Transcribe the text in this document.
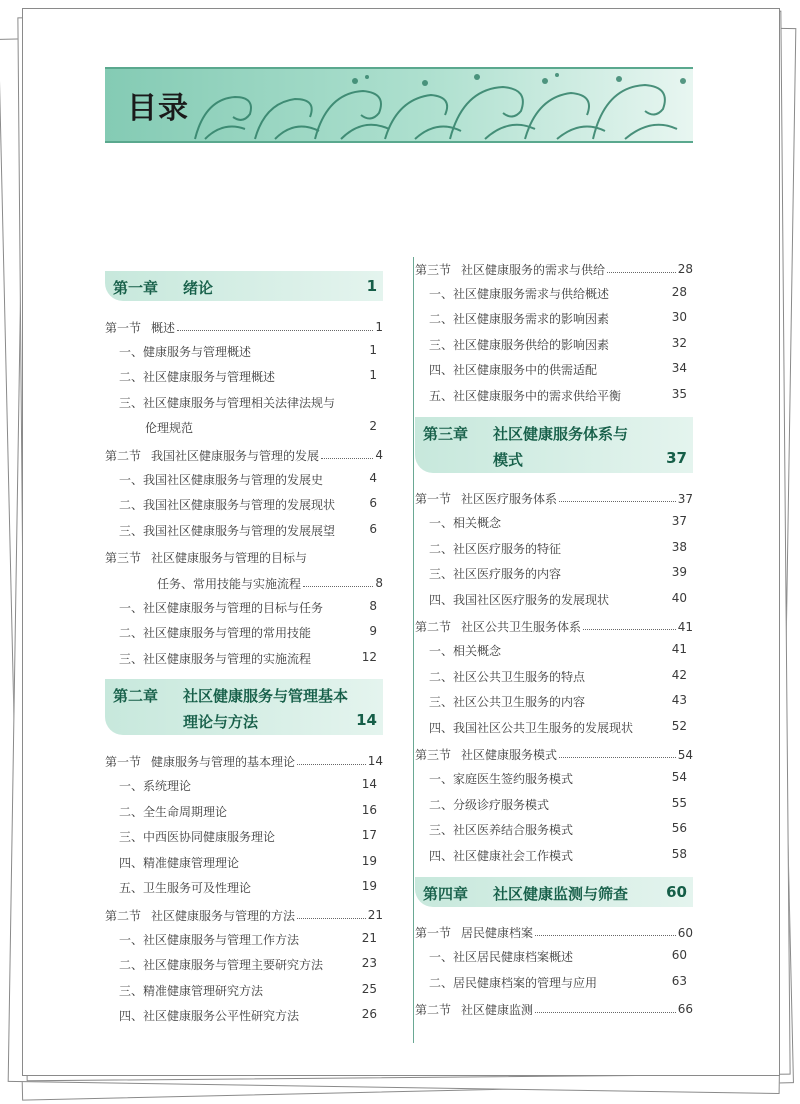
目录
第一章 绪论	1
第一节 概述	1
一、健康服务与管理概述	1
二、社区健康服务与管理概述	1
三、社区健康服务与管理相关法律法规与
伦理规范	2
第二节 我国社区健康服务与管理的发展	4
一、我国社区健康服务与管理的发展史	4
二、我国社区健康服务与管理的发展现状	6
三、我国社区健康服务与管理的发展展望	6
第三节 社区健康服务与管理的目标与
任务、常用技能与实施流程	8
一、社区健康服务与管理的目标与任务	8
二、社区健康服务与管理的常用技能	9
三、社区健康服务与管理的实施流程	12
第二章 社区健康服务与管理基本
理论与方法	14
第一节 健康服务与管理的基本理论	14
一、系统理论	14
二、全生命周期理论	16
三、中西医协同健康服务理论	17
四、精准健康管理理论	19
五、卫生服务可及性理论	19
第二节 社区健康服务与管理的方法	21
一、社区健康服务与管理工作方法	21
二、社区健康服务与管理主要研究方法	23
三、精准健康管理研究方法	25
四、社区健康服务公平性研究方法	26
第三节 社区健康服务的需求与供给	28
一、社区健康服务需求与供给概述	28
二、社区健康服务需求的影响因素	30
三、社区健康服务供给的影响因素	32
四、社区健康服务中的供需适配	34
五、社区健康服务中的需求供给平衡	35
第三章 社区健康服务体系与
模式	37
第一节 社区医疗服务体系	37
一、相关概念	37
二、社区医疗服务的特征	38
三、社区医疗服务的内容	39
四、我国社区医疗服务的发展现状	40
第二节 社区公共卫生服务体系	41
一、相关概念	41
二、社区公共卫生服务的特点	42
三、社区公共卫生服务的内容	43
四、我国社区公共卫生服务的发展现状	52
第三节 社区健康服务模式	54
一、家庭医生签约服务模式	54
二、分级诊疗服务模式	55
三、社区医养结合服务模式	56
四、社区健康社会工作模式	58
第四章 社区健康监测与筛查	60
第一节 居民健康档案	60
一、社区居民健康档案概述	60
二、居民健康档案的管理与应用	63
第二节 社区健康监测	66
